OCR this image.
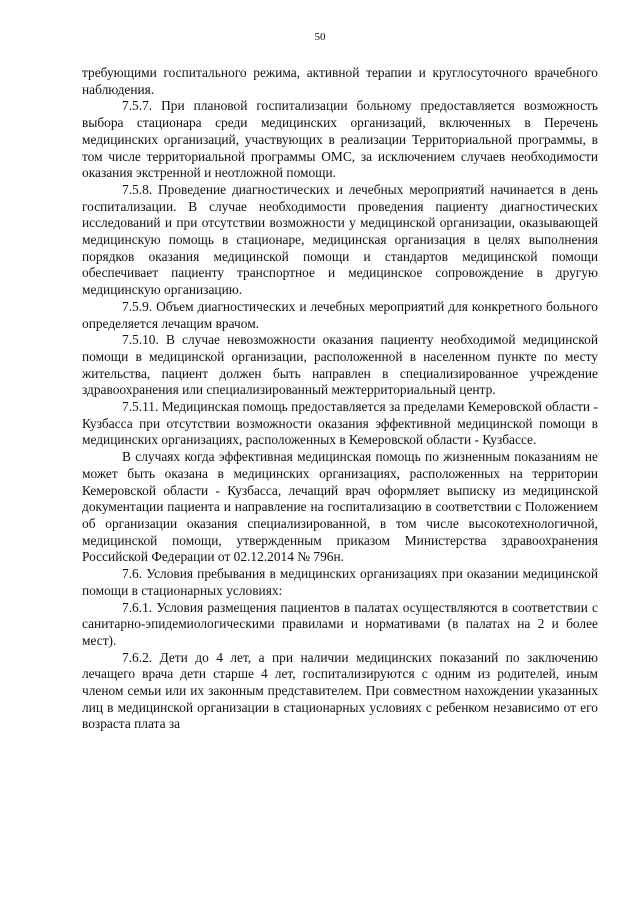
50

требующими госпитального режима, активной терапии и круглосуточного врачебного наблюдения.

7.5.7. При плановой госпитализации больному предоставляется возможность выбора стационара среди медицинских организаций, включенных в Перечень медицинских организаций, участвующих в реализации Территориальной программы, в том числе территориальной программы ОМС, за исключением случаев необходимости оказания экстренной и неотложной помощи.

7.5.8. Проведение диагностических и лечебных мероприятий начинается в день госпитализации. В случае необходимости проведения пациенту диагностических исследований и при отсутствии возможности у медицинской организации, оказывающей медицинскую помощь в стационаре, медицинская организация в целях выполнения порядков оказания медицинской помощи и стандартов медицинской помощи обеспечивает пациенту транспортное и медицинское сопровождение в другую медицинскую организацию.

7.5.9. Объем диагностических и лечебных мероприятий для конкретного больного определяется лечащим врачом.

7.5.10. В случае невозможности оказания пациенту необходимой медицинской помощи в медицинской организации, расположенной в населенном пункте по месту жительства, пациент должен быть направлен в специализированное учреждение здравоохранения или специализированный межтерриториальный центр.

7.5.11. Медицинская помощь предоставляется за пределами Кемеровской области - Кузбасса при отсутствии возможности оказания эффективной медицинской помощи в медицинских организациях, расположенных в Кемеровской области - Кузбассе.

В случаях когда эффективная медицинская помощь по жизненным показаниям не может быть оказана в медицинских организациях, расположенных на территории Кемеровской области - Кузбасса, лечащий врач оформляет выписку из медицинской документации пациента и направление на госпитализацию в соответствии с Положением об организации оказания специализированной, в том числе высокотехнологичной, медицинской помощи, утвержденным приказом Министерства здравоохранения Российской Федерации от 02.12.2014 № 796н.

7.6. Условия пребывания в медицинских организациях при оказании медицинской помощи в стационарных условиях:

7.6.1. Условия размещения пациентов в палатах осуществляются в соответствии с санитарно-эпидемиологическими правилами и нормативами (в палатах на 2 и более мест).

7.6.2. Дети до 4 лет, а при наличии медицинских показаний по заключению лечащего врача дети старше 4 лет, госпитализируются с одним из родителей, иным членом семьи или их законным представителем. При совместном нахождении указанных лиц в медицинской организации в стационарных условиях с ребенком независимо от его возраста плата за
